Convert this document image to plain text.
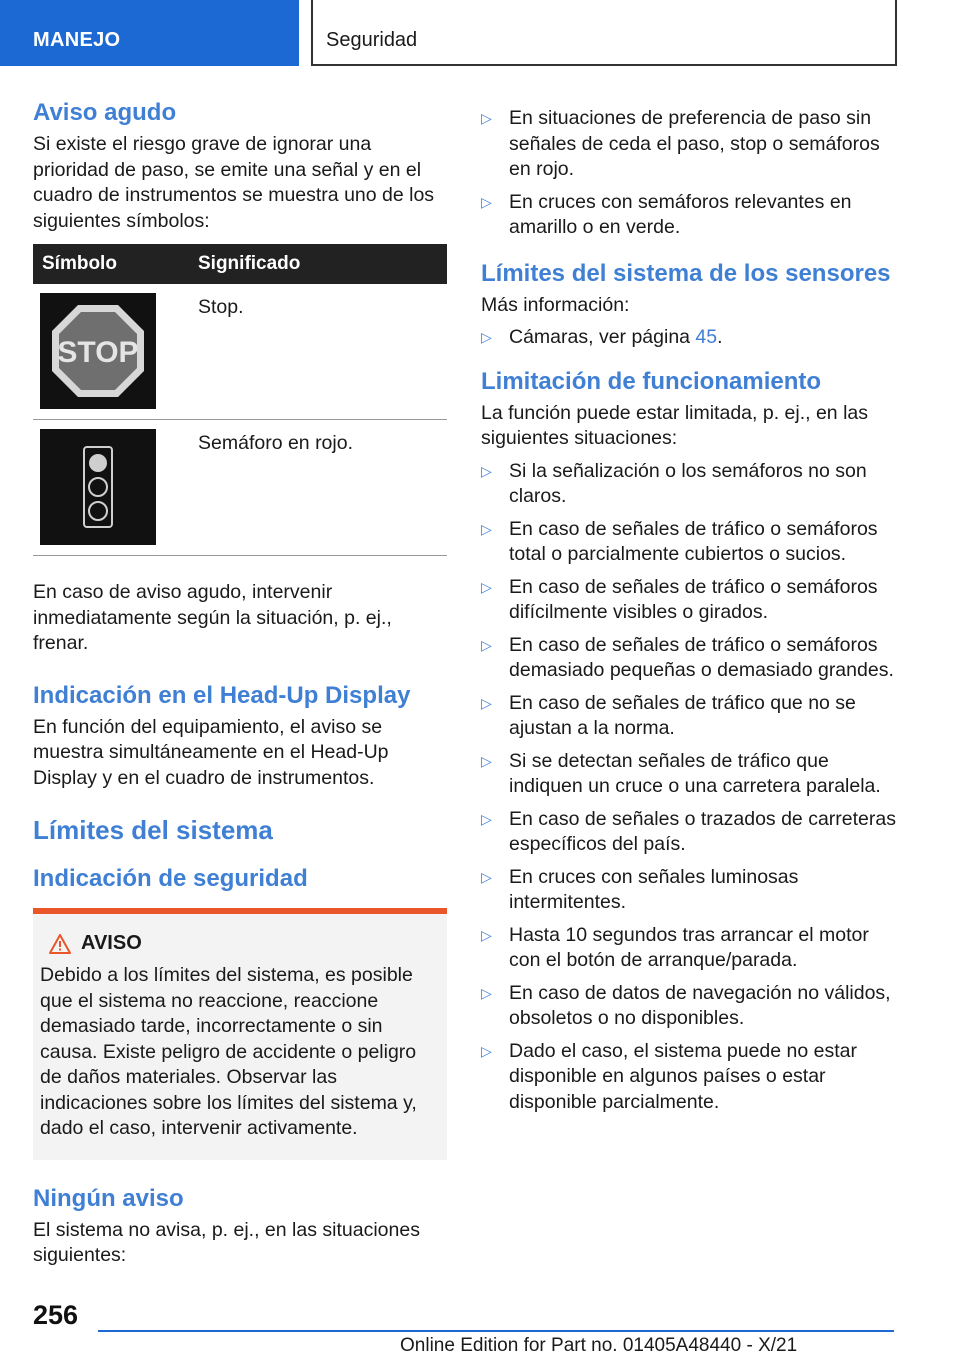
MANEJO	Seguridad
Aviso agudo

Si existe el riesgo grave de ignorar una prioridad de paso, se emite una señal y en el cuadro de instrumentos se muestra uno de los siguientes símbolos:

Símbolo	Significado

STOP	Stop.

	Semáforo en rojo.

En caso de aviso agudo, intervenir inmediatamente según la situación, p. ej., frenar.

Indicación en el Head-Up Display

En función del equipamiento, el aviso se muestra simultáneamente en el Head-Up Display y en el cuadro de instrumentos.

Límites del sistema
Indicación de seguridad
AVISO

Debido a los límites del sistema, es posible que el sistema no reaccione, reaccione demasiado tarde, incorrectamente o sin causa. Existe peligro de accidente o peligro de daños materiales. Observar las indicaciones sobre los límites del sistema y, dado el caso, intervenir activamente.

Ningún aviso

El sistema no avisa, p. ej., en las situaciones siguientes:

▷ En situaciones de preferencia de paso sin señales de ceda el paso, stop o semáforos en rojo.
▷ En cruces con semáforos relevantes en amarillo o en verde.
Límites del sistema de los sensores

Más información:

▷ Cámaras, ver página 45.
Limitación de funcionamiento

La función puede estar limitada, p. ej., en las siguientes situaciones:

▷ Si la señalización o los semáforos no son claros.
▷ En caso de señales de tráfico o semáforos total o parcialmente cubiertos o sucios.
▷ En caso de señales de tráfico o semáforos difícilmente visibles o girados.
▷ En caso de señales de tráfico o semáforos demasiado pequeñas o demasiado grandes.
▷ En caso de señales de tráfico que no se ajustan a la norma.
▷ Si se detectan señales de tráfico que indiquen un cruce o una carretera paralela.
▷ En caso de señales o trazados de carreteras específicos del país.
▷ En cruces con señales luminosas intermitentes.
▷ Hasta 10 segundos tras arrancar el motor con el botón de arranque/parada.
▷ En caso de datos de navegación no válidos, obsoletos o no disponibles.
▷ Dado el caso, el sistema puede no estar disponible en algunos países o estar disponible parcialmente.
256
Online Edition for Part no. 01405A48440 - X/21
